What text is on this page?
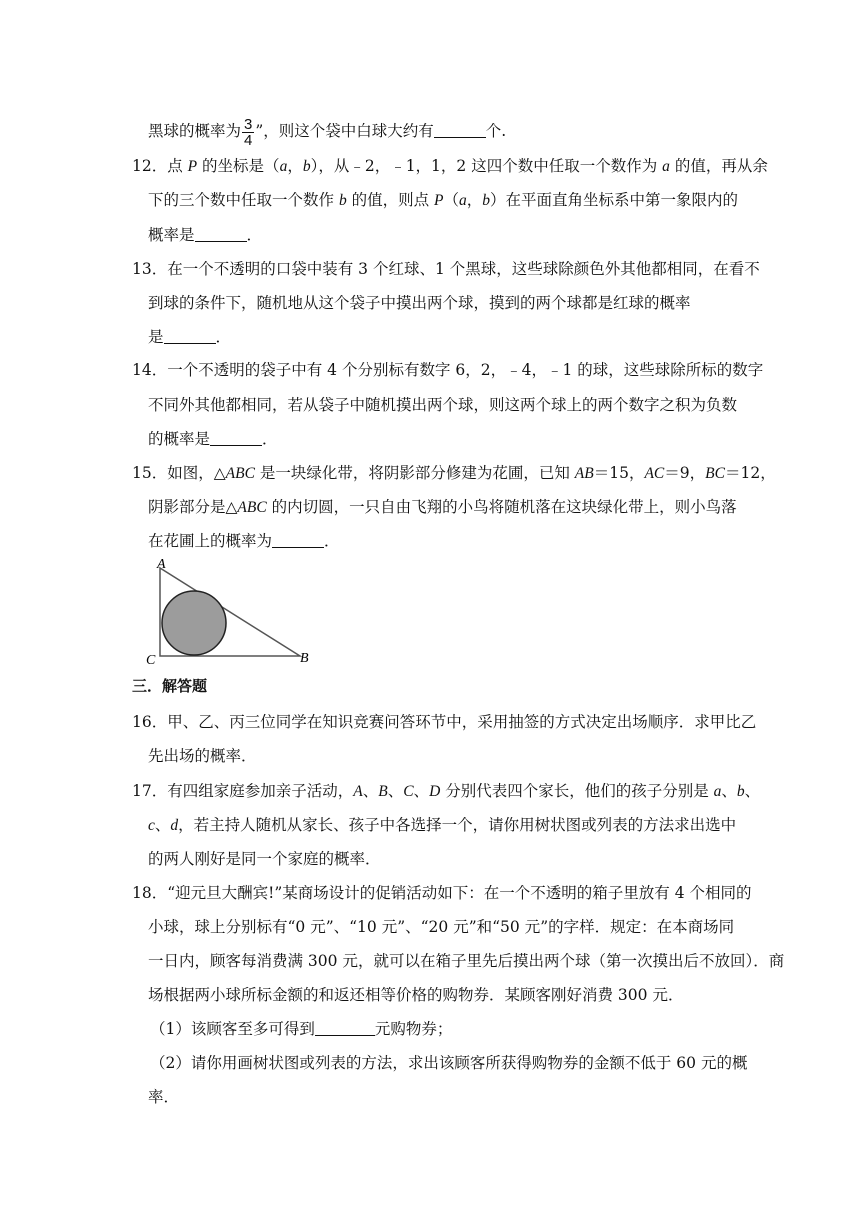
黑球的概率为 $\frac{3}{4}$ ”，则这个袋中白球大约有	个.
12．点 P 的坐标是（a，b），从﹣2，﹣1，1，2 这四个数中任取一个数作为 a 的值，再从余
下的三个数中任取一个数作 b 的值，则点 P（a，b）在平面直角坐标系中第一象限内的
概率是	．
13．在一个不透明的口袋中装有 3 个红球、1 个黑球，这些球除颜色外其他都相同，在看不
到球的条件下，随机地从这个袋子中摸出两个球，摸到的两个球都是红球的概率
是	．
14．一个不透明的袋子中有 4 个分别标有数字 6，2，﹣4，﹣1 的球，这些球除所标的数字
不同外其他都相同，若从袋子中随机摸出两个球，则这两个球上的两个数字之积为负数
的概率是	．
15．如图，△ABC 是一块绿化带，将阴影部分修建为花圃，已知 AB＝15，AC＝9，BC＝12，
阴影部分是△ABC 的内切圆，一只自由飞翔的小鸟将随机落在这块绿化带上，则小鸟落
在花圃上的概率为	．
A
C	B
三．解答题
16．甲、乙、丙三位同学在知识竞赛问答环节中，采用抽签的方式决定出场顺序．求甲比乙
先出场的概率．
17．有四组家庭参加亲子活动，A、B、C、D 分别代表四个家长，他们的孩子分别是 a、b、
c、d，若主持人随机从家长、孩子中各选择一个，请你用树状图或列表的方法求出选中
的两人刚好是同一个家庭的概率．
18．“迎元旦大酬宾!”某商场设计的促销活动如下：在一个不透明的箱子里放有 4 个相同的
小球，球上分别标有“0 元”、“10 元”、“20 元”和“50 元”的字样．规定：在本商场同
一日内，顾客每消费满 300 元，就可以在箱子里先后摸出两个球（第一次摸出后不放回）．商
场根据两小球所标金额的和返还相等价格的购物券．某顾客刚好消费 300 元．
（1）该顾客至多可得到	元购物券；
（2）请你用画树状图或列表的方法，求出该顾客所获得购物券的金额不低于 60 元的概
率．
